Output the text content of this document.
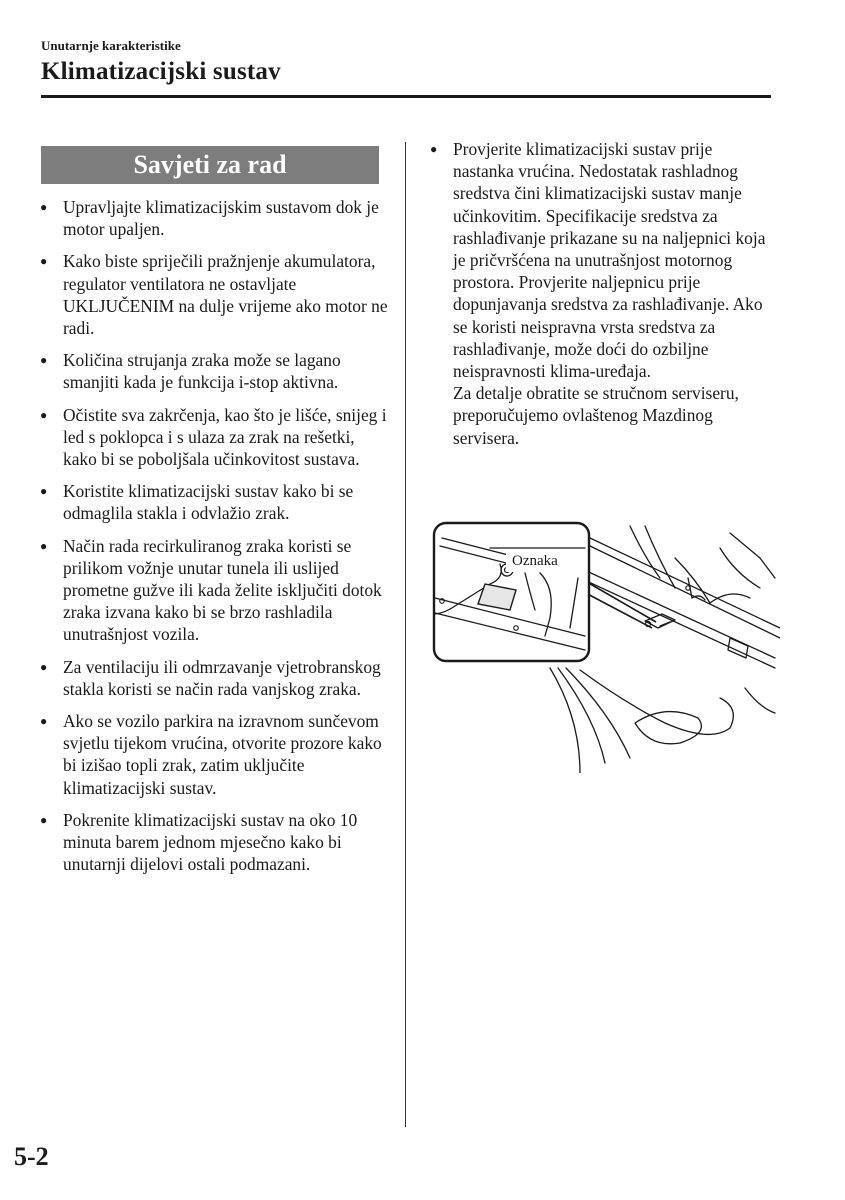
Unutarnje karakteristike
Klimatizacijski sustav
Savjeti za rad
● Upravljajte klimatizacijskim sustavom dok je motor upaljen.
● Kako biste spriječili pražnjenje akumulatora, regulator ventilatora ne ostavljate UKLJUČENIM na dulje vrijeme ako motor ne radi.
● Količina strujanja zraka može se lagano smanjiti kada je funkcija i-stop aktivna.
● Očistite sva zakrčenja, kao što je lišće, snijeg i led s poklopca i s ulaza za zrak na rešetki, kako bi se poboljšala učinkovitost sustava.
● Koristite klimatizacijski sustav kako bi se odmaglila stakla i odvlažio zrak.
● Način rada recirkuliranog zraka koristi se prilikom vožnje unutar tunela ili uslijed prometne gužve ili kada želite isključiti dotok zraka izvana kako bi se brzo rashladila unutrašnjost vozila.
● Za ventilaciju ili odmrzavanje vjetrobranskog stakla koristi se način rada vanjskog zraka.
● Ako se vozilo parkira na izravnom sunčevom svjetlu tijekom vrućina, otvorite prozore kako bi izišao topli zrak, zatim uključite klimatizacijski sustav.
● Pokrenite klimatizacijski sustav na oko 10 minuta barem jednom mjesečno kako bi unutarnji dijelovi ostali podmazani.
● Provjerite klimatizacijski sustav prije nastanka vrućina. Nedostatak rashladnog sredstva čini klimatizacijski sustav manje učinkovitim. Specifikacije sredstva za rashlađivanje prikazane su na naljepnici koja je pričvršćena na unutrašnjost motornog prostora. Provjerite naljepnicu prije dopunjavanja sredstva za rashlađivanje. Ako se koristi neispravna vrsta sredstva za rashlađivanje, može doći do ozbiljne neispravnosti klima-uređaja.
Za detalje obratite se stručnom serviseru, preporučujemo ovlaštenog Mazdinog servisera.
Oznaka
5-2
